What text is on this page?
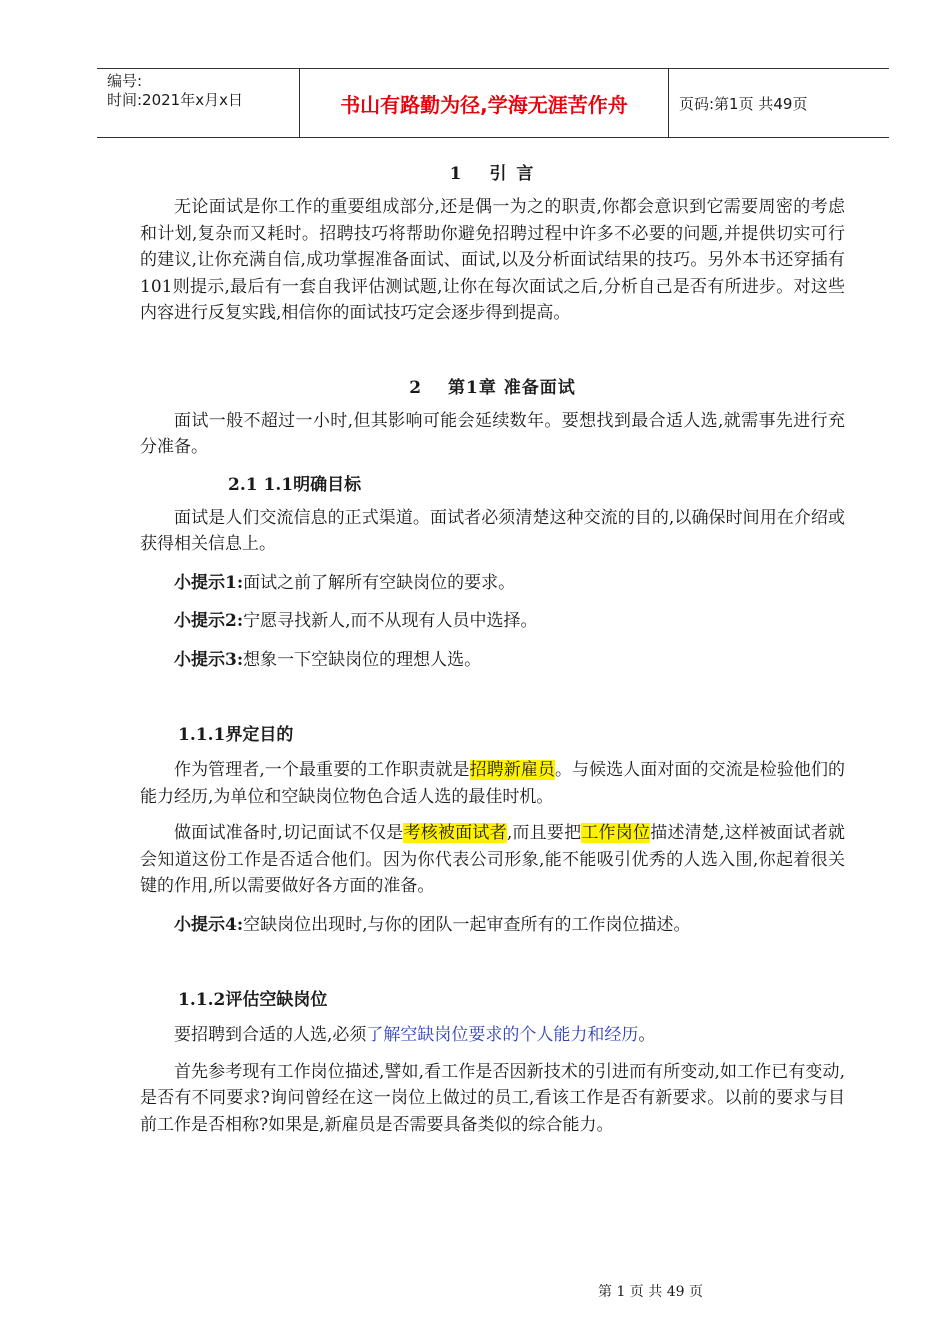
编号:
时间:2021年x月x日	书山有路勤为径,学海无涯苦作舟	页码:第1页 共49页
1 引 言

无论面试是你工作的重要组成部分,还是偶一为之的职责,你都会意识到它需要周密的考虑和计划,复杂而又耗时。招聘技巧将帮助你避免招聘过程中许多不必要的问题,并提供切实可行的建议,让你充满自信,成功掌握准备面试、面试,以及分析面试结果的技巧。另外本书还穿插有101则提示,最后有一套自我评估测试题,让你在每次面试之后,分析自己是否有所进步。对这些内容进行反复实践,相信你的面试技巧定会逐步得到提高。

2 第1章 准备面试

面试一般不超过一小时,但其影响可能会延续数年。要想找到最合适人选,就需事先进行充分准备。

2.1 1.1明确目标

面试是人们交流信息的正式渠道。面试者必须清楚这种交流的目的,以确保时间用在介绍或获得相关信息上。

小提示1:面试之前了解所有空缺岗位的要求。
小提示2:宁愿寻找新人,而不从现有人员中选择。
小提示3:想象一下空缺岗位的理想人选。
1.1.1界定目的

作为管理者,一个最重要的工作职责就是招聘新雇员。与候选人面对面的交流是检验他们的能力经历,为单位和空缺岗位物色合适人选的最佳时机。

做面试准备时,切记面试不仅是考核被面试者,而且要把工作岗位描述清楚,这样被面试者就会知道这份工作是否适合他们。因为你代表公司形象,能不能吸引优秀的人选入围,你起着很关键的作用,所以需要做好各方面的准备。

小提示4:空缺岗位出现时,与你的团队一起审查所有的工作岗位描述。
1.1.2评估空缺岗位

要招聘到合适的人选,必须了解空缺岗位要求的个人能力和经历。

首先参考现有工作岗位描述,譬如,看工作是否因新技术的引进而有所变动,如工作已有变动,是否有不同要求?询问曾经在这一岗位上做过的员工,看该工作是否有新要求。以前的要求与目前工作是否相称?如果是,新雇员是否需要具备类似的综合能力。

第 1 页 共 49 页
